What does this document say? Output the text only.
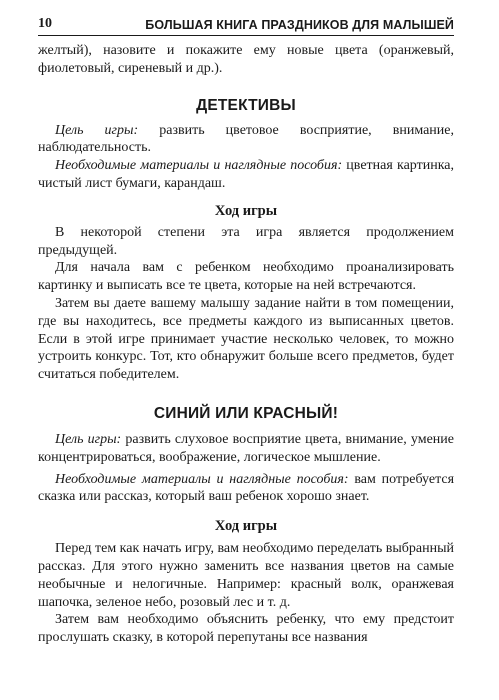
10	БОЛЬШАЯ КНИГА ПРАЗДНИКОВ ДЛЯ МАЛЫШЕЙ

желтый), назовите и покажите ему новые цвета (оранжевый, фиолетовый, сиреневый и др.).

ДЕТЕКТИВЫ

Цель игры: развить цветовое восприятие, внимание, наблюдательность.

Необходимые материалы и наглядные пособия: цветная картинка, чистый лист бумаги, карандаш.

Ход игры

В некоторой степени эта игра является продолжением предыдущей.

Для начала вам с ребенком необходимо проанализировать картинку и выписать все те цвета, которые на ней встречаются.

Затем вы даете вашему малышу задание найти в том помещении, где вы находитесь, все предметы каждого из выписанных цветов. Если в этой игре принимает участие несколько человек, то можно устроить конкурс. Тот, кто обнаружит больше всего предметов, будет считаться победителем.

СИНИЙ ИЛИ КРАСНЫЙ!

Цель игры: развить слуховое восприятие цвета, внимание, умение концентрироваться, воображение, логическое мышление.

Необходимые материалы и наглядные пособия: вам потребуется сказка или рассказ, который ваш ребенок хорошо знает.

Ход игры

Перед тем как начать игру, вам необходимо переделать выбранный рассказ. Для этого нужно заменить все названия цветов на самые необычные и нелогичные. Например: красный волк, оранжевая шапочка, зеленое небо, розовый лес и т. д.

Затем вам необходимо объяснить ребенку, что ему предстоит прослушать сказку, в которой перепутаны все названия
